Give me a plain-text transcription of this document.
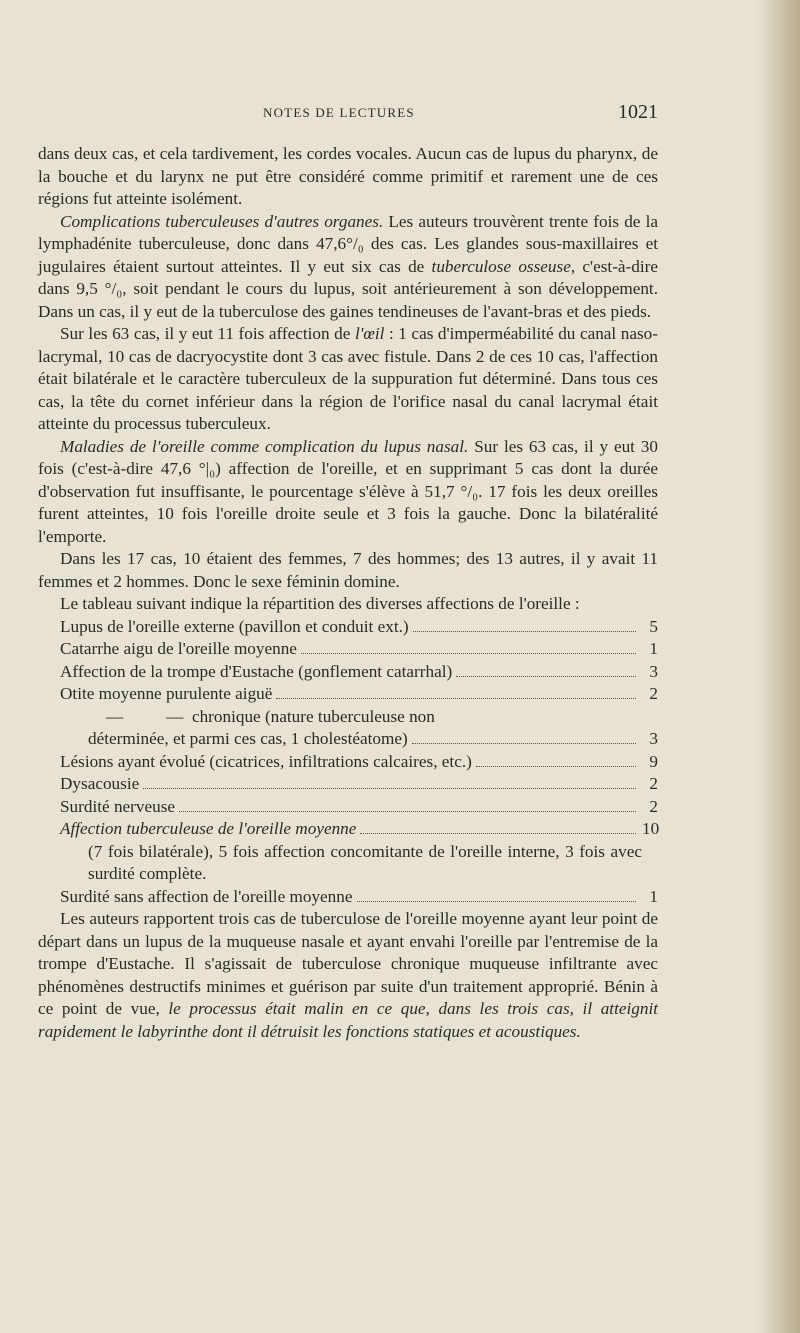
NOTES DE LECTURES	1021

dans deux cas, et cela tardivement, les cordes vocales. Aucun cas de lupus du pharynx, de la bouche et du larynx ne put être considéré comme primitif et rarement une de ces régions fut atteinte isolément.

Complications tuberculeuses d'autres organes. Les auteurs trouvèrent trente fois de la lymphadénite tuberculeuse, donc dans 47,6°/₀ des cas. Les glandes sous-maxillaires et jugulaires étaient surtout atteintes. Il y eut six cas de tuberculose osseuse, c'est-à-dire dans 9,5 °/₀, soit pendant le cours du lupus, soit antérieurement à son développement. Dans un cas, il y eut de la tuberculose des gaines tendineuses de l'avant-bras et des pieds.

Sur les 63 cas, il y eut 11 fois affection de l'œil : 1 cas d'imperméabilité du canal naso-lacrymal, 10 cas de dacryocystite dont 3 cas avec fistule. Dans 2 de ces 10 cas, l'affection était bilatérale et le caractère tuberculeux de la suppuration fut déterminé. Dans tous ces cas, la tête du cornet inférieur dans la région de l'orifice nasal du canal lacrymal était atteinte du processus tuberculeux.

Maladies de l'oreille comme complication du lupus nasal. Sur les 63 cas, il y eut 30 fois (c'est-à-dire 47,6 °|₀) affection de l'oreille, et en supprimant 5 cas dont la durée d'observation fut insuffisante, le pourcentage s'élève à 51,7 °/₀. 17 fois les deux oreilles furent atteintes, 10 fois l'oreille droite seule et 3 fois la gauche. Donc la bilatéralité l'emporte.

Dans les 17 cas, 10 étaient des femmes, 7 des hommes; des 13 autres, il y avait 11 femmes et 2 hommes. Donc le sexe féminin domine.

Le tableau suivant indique la répartition des diverses affections de l'oreille :

Lupus de l'oreille externe (pavillon et conduit ext.)	5
Catarrhe aigu de l'oreille moyenne	1
Affection de la trompe d'Eustache (gonflement catarrhal)	3
Otite moyenne purulente aiguë	2
—          — chronique (nature tuberculeuse non
déterminée, et parmi ces cas, 1 cholestéatome)	3
Lésions ayant évolué (cicatrices, infiltrations calcaires, etc.)	9
Dysacousie	2
Surdité nerveuse	2
Affection tuberculeuse de l'oreille moyenne	10

(7 fois bilatérale), 5 fois affection concomitante de l'oreille interne, 3 fois avec surdité complète.

Surdité sans affection de l'oreille moyenne	1

Les auteurs rapportent trois cas de tuberculose de l'oreille moyenne ayant leur point de départ dans un lupus de la muqueuse nasale et ayant envahi l'oreille par l'entremise de la trompe d'Eustache. Il s'agissait de tuberculose chronique muqueuse infiltrante avec phénomènes destructifs minimes et guérison par suite d'un traitement approprié. Bénin à ce point de vue, le processus était malin en ce que, dans les trois cas, il atteignit rapidement le labyrinthe dont il détruisit les fonctions statiques et acoustiques.
